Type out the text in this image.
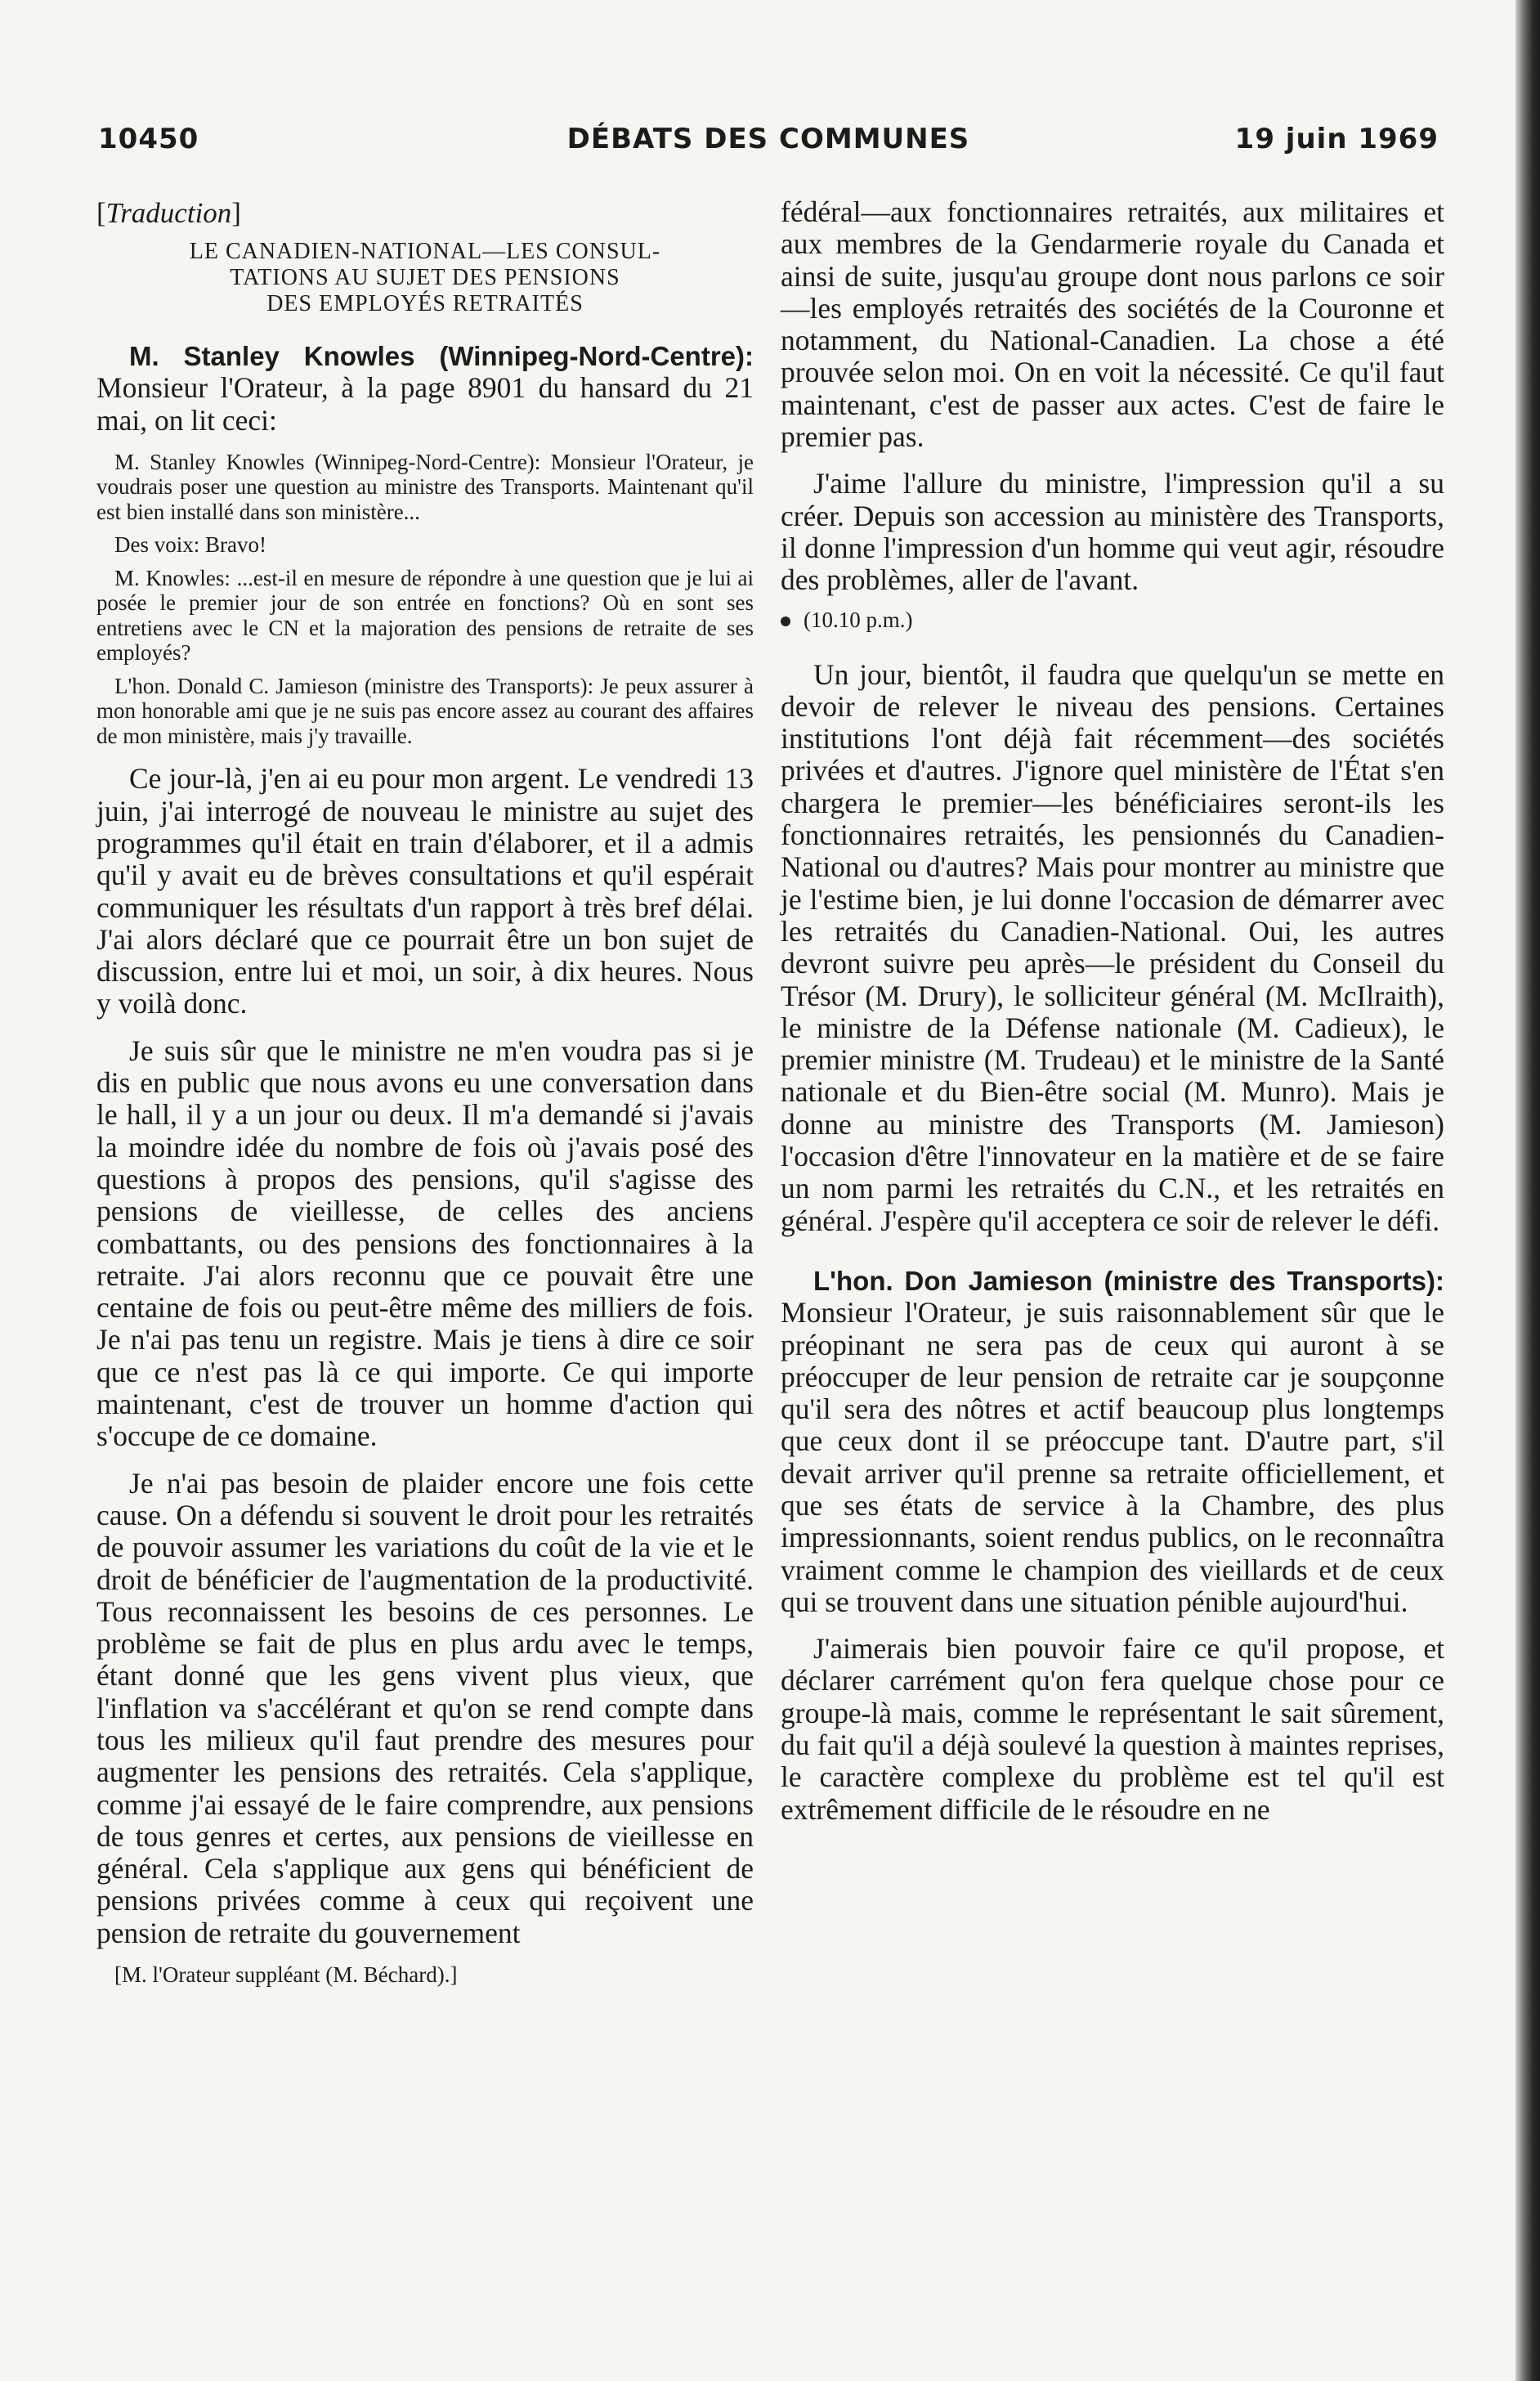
10450	DÉBATS DES COMMUNES	19 juin 1969

[Traduction]

LE CANADIEN-NATIONAL—LES CONSUL-
TATIONS AU SUJET DES PENSIONS
DES EMPLOYÉS RETRAITÉS

M. Stanley Knowles (Winnipeg-Nord-Centre): Monsieur l'Orateur, à la page 8901 du hansard du 21 mai, on lit ceci:

M. Stanley Knowles (Winnipeg-Nord-Centre): Monsieur l'Orateur, je voudrais poser une question au ministre des Transports. Maintenant qu'il est bien installé dans son ministère...

Des voix: Bravo!

M. Knowles: ...est-il en mesure de répondre à une question que je lui ai posée le premier jour de son entrée en fonctions? Où en sont ses entretiens avec le CN et la majoration des pensions de retraite de ses employés?

L'hon. Donald C. Jamieson (ministre des Transports): Je peux assurer à mon honorable ami que je ne suis pas encore assez au courant des affaires de mon ministère, mais j'y travaille.

Ce jour-là, j'en ai eu pour mon argent. Le vendredi 13 juin, j'ai interrogé de nouveau le ministre au sujet des programmes qu'il était en train d'élaborer, et il a admis qu'il y avait eu de brèves consultations et qu'il espérait communiquer les résultats d'un rapport à très bref délai. J'ai alors déclaré que ce pourrait être un bon sujet de discussion, entre lui et moi, un soir, à dix heures. Nous y voilà donc.

Je suis sûr que le ministre ne m'en voudra pas si je dis en public que nous avons eu une conversation dans le hall, il y a un jour ou deux. Il m'a demandé si j'avais la moindre idée du nombre de fois où j'avais posé des questions à propos des pensions, qu'il s'agisse des pensions de vieillesse, de celles des anciens combattants, ou des pensions des fonctionnaires à la retraite. J'ai alors reconnu que ce pouvait être une centaine de fois ou peut-être même des milliers de fois. Je n'ai pas tenu un registre. Mais je tiens à dire ce soir que ce n'est pas là ce qui importe. Ce qui importe maintenant, c'est de trouver un homme d'action qui s'occupe de ce domaine.

Je n'ai pas besoin de plaider encore une fois cette cause. On a défendu si souvent le droit pour les retraités de pouvoir assumer les variations du coût de la vie et le droit de bénéficier de l'augmentation de la productivité. Tous reconnaissent les besoins de ces personnes. Le problème se fait de plus en plus ardu avec le temps, étant donné que les gens vivent plus vieux, que l'inflation va s'accélérant et qu'on se rend compte dans tous les milieux qu'il faut prendre des mesures pour augmenter les pensions des retraités. Cela s'applique, comme j'ai essayé de le faire comprendre, aux pensions de tous genres et certes, aux pensions de vieillesse en général. Cela s'applique aux gens qui bénéficient de pensions privées comme à ceux qui reçoivent une pension de retraite du gouvernement

[M. l'Orateur suppléant (M. Béchard).]

fédéral—aux fonctionnaires retraités, aux militaires et aux membres de la Gendarmerie royale du Canada et ainsi de suite, jusqu'au groupe dont nous parlons ce soir—les employés retraités des sociétés de la Couronne et notamment, du National-Canadien. La chose a été prouvée selon moi. On en voit la nécessité. Ce qu'il faut maintenant, c'est de passer aux actes. C'est de faire le premier pas.

J'aime l'allure du ministre, l'impression qu'il a su créer. Depuis son accession au ministère des Transports, il donne l'impression d'un homme qui veut agir, résoudre des problèmes, aller de l'avant.

(10.10 p.m.)

Un jour, bientôt, il faudra que quelqu'un se mette en devoir de relever le niveau des pensions. Certaines institutions l'ont déjà fait récemment—des sociétés privées et d'autres. J'ignore quel ministère de l'État s'en chargera le premier—les bénéficiaires seront-ils les fonctionnaires retraités, les pensionnés du Canadien-National ou d'autres? Mais pour montrer au ministre que je l'estime bien, je lui donne l'occasion de démarrer avec les retraités du Canadien-National. Oui, les autres devront suivre peu après—le président du Conseil du Trésor (M. Drury), le solliciteur général (M. McIlraith), le ministre de la Défense nationale (M. Cadieux), le premier ministre (M. Trudeau) et le ministre de la Santé nationale et du Bien-être social (M. Munro). Mais je donne au ministre des Transports (M. Jamieson) l'occasion d'être l'innovateur en la matière et de se faire un nom parmi les retraités du C.N., et les retraités en général. J'espère qu'il acceptera ce soir de relever le défi.

L'hon. Don Jamieson (ministre des Transports): Monsieur l'Orateur, je suis raisonnablement sûr que le préopinant ne sera pas de ceux qui auront à se préoccuper de leur pension de retraite car je soupçonne qu'il sera des nôtres et actif beaucoup plus longtemps que ceux dont il se préoccupe tant. D'autre part, s'il devait arriver qu'il prenne sa retraite officiellement, et que ses états de service à la Chambre, des plus impressionnants, soient rendus publics, on le reconnaîtra vraiment comme le champion des vieillards et de ceux qui se trouvent dans une situation pénible aujourd'hui.

J'aimerais bien pouvoir faire ce qu'il propose, et déclarer carrément qu'on fera quelque chose pour ce groupe-là mais, comme le représentant le sait sûrement, du fait qu'il a déjà soulevé la question à maintes reprises, le caractère complexe du problème est tel qu'il est extrêmement difficile de le résoudre en ne
